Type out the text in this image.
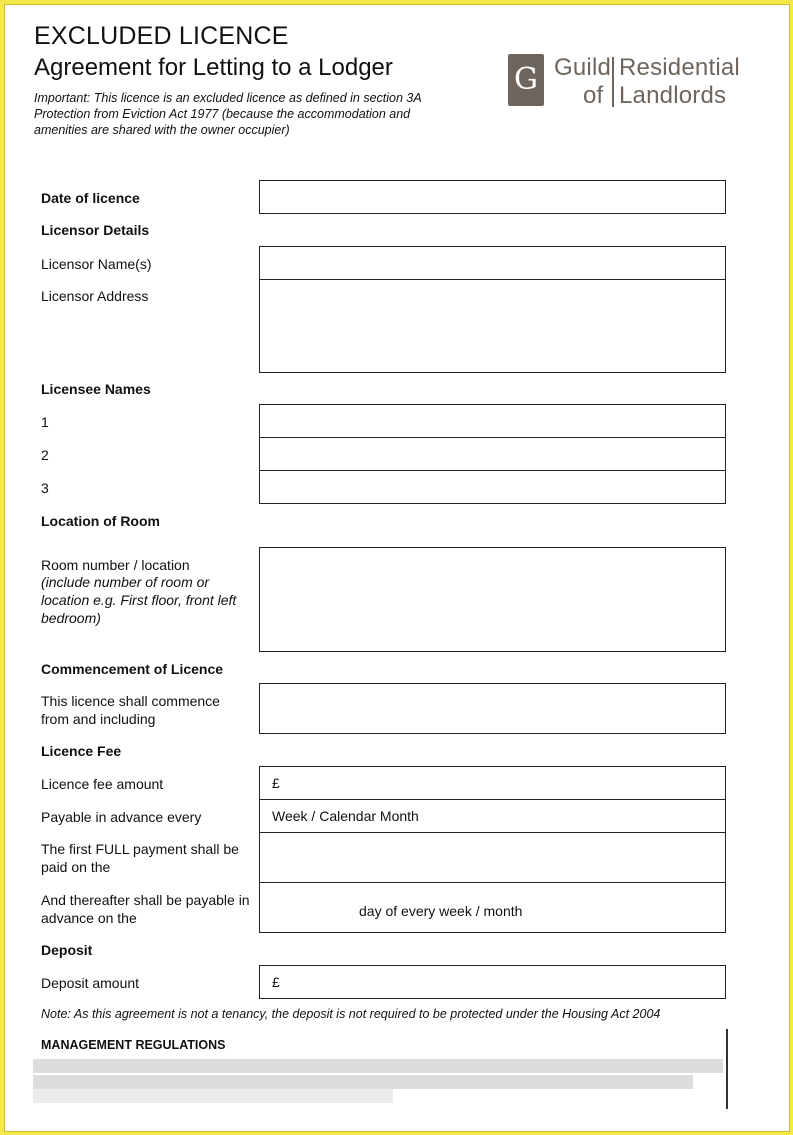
EXCLUDED LICENCE
Agreement for Letting to a Lodger
Important: This licence is an excluded licence as defined in section 3A Protection from Eviction Act 1977 (because the accommodation and amenities are shared with the owner occupier)
G Guild
of
Residential
Landlords
Date of licence
Licensor Details
Licensor Name(s)
Licensor Address
Licensee Names
1
2
3
Location of Room
Room number / location
(include number of room or location e.g. First floor, front left bedroom)
Commencement of Licence
This licence shall commence from and including
Licence Fee
Licence fee amount	£
Payable in advance every	Week / Calendar Month
The first FULL payment shall be paid on the
And thereafter shall be payable in advance on the	day of every week / month
Deposit
Deposit amount	£
Note: As this agreement is not a tenancy, the deposit is not required to be protected under the Housing Act 2004
MANAGEMENT REGULATIONS
